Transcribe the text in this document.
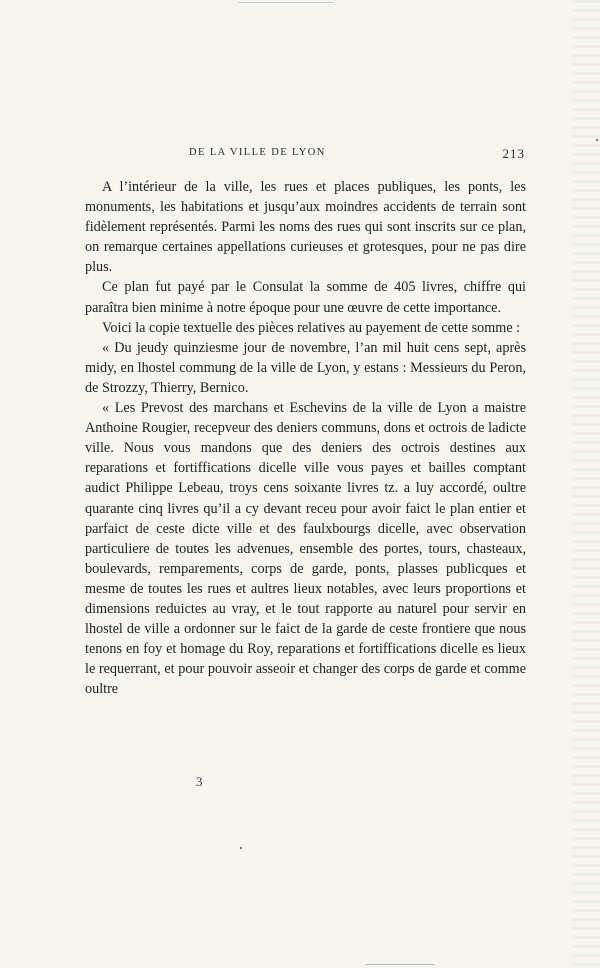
DE LA VILLE DE LYON	213

A l’intérieur de la ville, les rues et places publiques, les ponts, les monuments, les habitations et jusqu’aux moindres accidents de terrain sont fidèlement représentés. Parmi les noms des rues qui sont inscrits sur ce plan, on remarque certaines appellations curieuses et grotesques, pour ne pas dire plus.

Ce plan fut payé par le Consulat la somme de 405 livres, chiffre qui paraîtra bien minime à notre époque pour une œuvre de cette importance.

Voici la copie textuelle des pièces relatives au payement de cette somme :

« Du jeudy quinziesme jour de novembre, l’an mil huit cens sept, après midy, en lhostel commung de la ville de Lyon, y estans : Messieurs du Peron, de Strozzy, Thierry, Bernico.

« Les Prevost des marchans et Eschevins de la ville de Lyon a maistre Anthoine Rougier, recepveur des deniers communs, dons et octrois de ladicte ville. Nous vous mandons que des deniers des octrois destines aux reparations et fortiffications dicelle ville vous payes et bailles comptant audict Philippe Lebeau, troys cens soixante livres tz. a luy accordé, oultre quarante cinq livres qu’il a cy devant receu pour avoir faict le plan entier et parfaict de ceste dicte ville et des faulxbourgs dicelle, avec observation particuliere de toutes les advenues, ensemble des portes, tours, chasteaux, boulevards, remparements, corps de garde, ponts, plasses publicques et mesme de toutes les rues et aultres lieux notables, avec leurs proportions et dimensions reduictes au vray, et le tout rapporte au naturel pour servir en lhostel de ville a ordonner sur le faict de la garde de ceste frontiere que nous tenons en foy et homage du Roy, reparations et fortiffications dicelle es lieux le requerrant, et pour pouvoir asseoir et changer des corps de garde et comme oultre

3
